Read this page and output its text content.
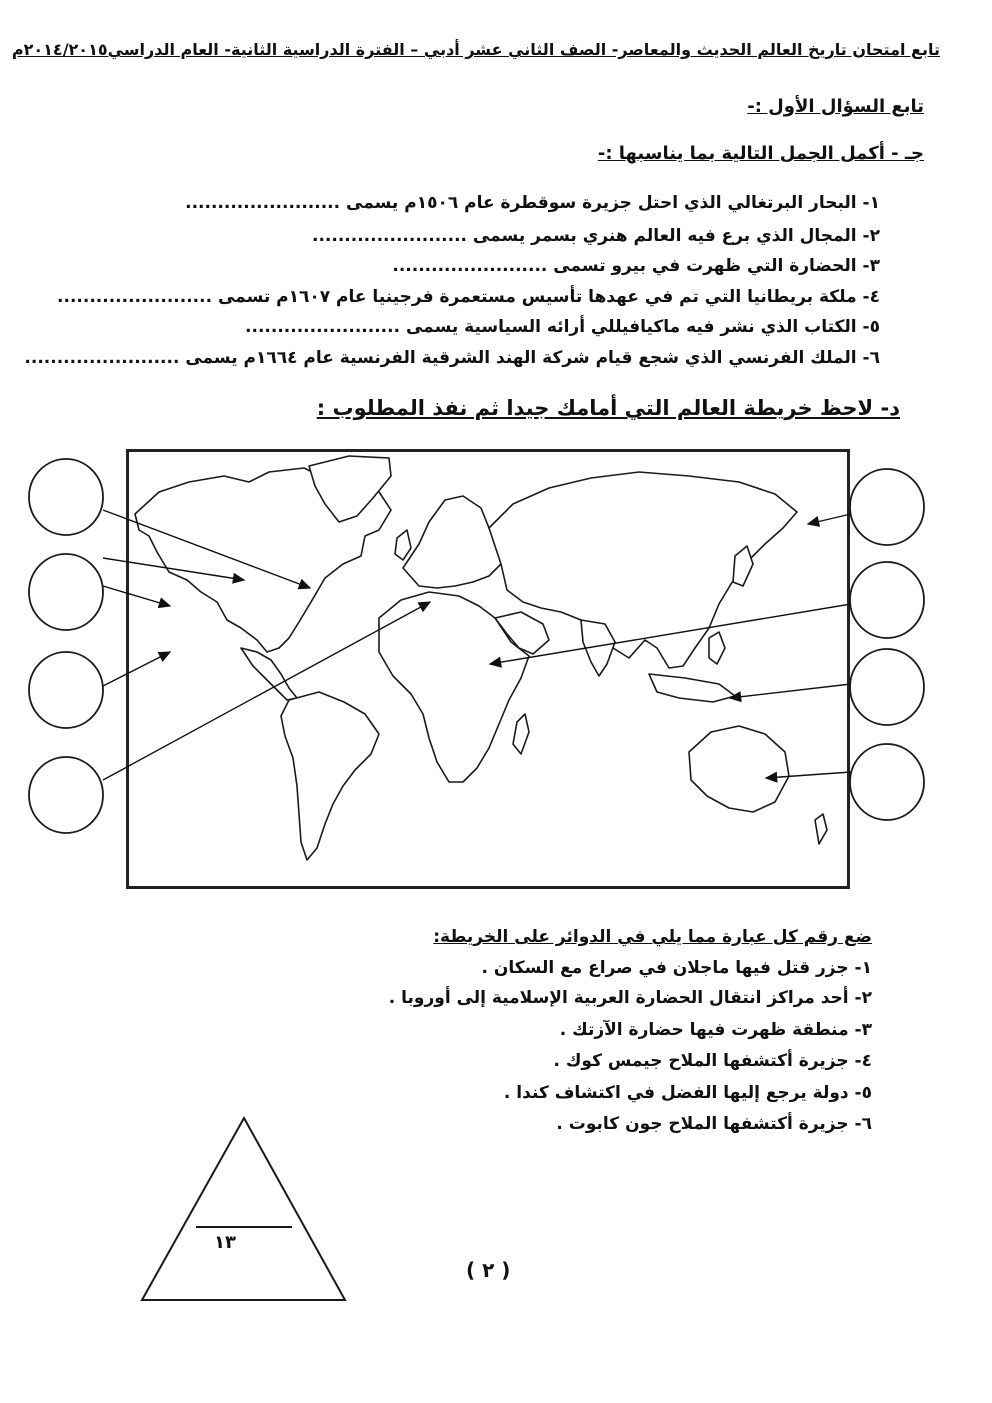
تابع امتحان تاريخ العالم الحديث والمعاصر- الصف الثاني عشر أدبي – الفترة الدراسية الثانية- العام الدراسي٢٠١٤/٢٠١٥م
تابع السؤال الأول :-
جـ - أكمل الجمل التالية بما يناسبها :-
١- البحار البرتغالي الذي احتل جزيرة سوقطرة عام ١٥٠٦م يسمى ........................
٢- المجال الذي برع فيه العالم هنري بسمر يسمى ........................
٣- الحضارة التي ظهرت في بيرو تسمى ........................
٤- ملكة بريطانيا التي تم في عهدها تأسيس مستعمرة فرجينيا عام ١٦٠٧م تسمى ........................
٥- الكتاب الذي نشر فيه ماكيافيللي أرائه السياسية يسمى ........................
٦- الملك الفرنسي الذي شجع قيام شركة الهند الشرقية الفرنسية عام ١٦٦٤م يسمى ........................
د- لاحظ خريطة العالم التي أمامك جيدا ثم نفذ المطلوب :
ضع رقم كل عبارة مما يلي في الدوائر على الخريطة:
١- جزر قتل فيها ماجلان في صراع مع السكان .
٢- أحد مراكز انتقال الحضارة العربية الإسلامية إلى أوروبا .
٣- منطقة ظهرت فيها حضارة الآزتك .
٤- جزيرة أكتشفها الملاح جيمس كوك .
٥- دولة يرجع إليها الفضل في اكتشاف كندا .
٦- جزيرة أكتشفها الملاح جون كابوت .
١٣
( ٢ )
